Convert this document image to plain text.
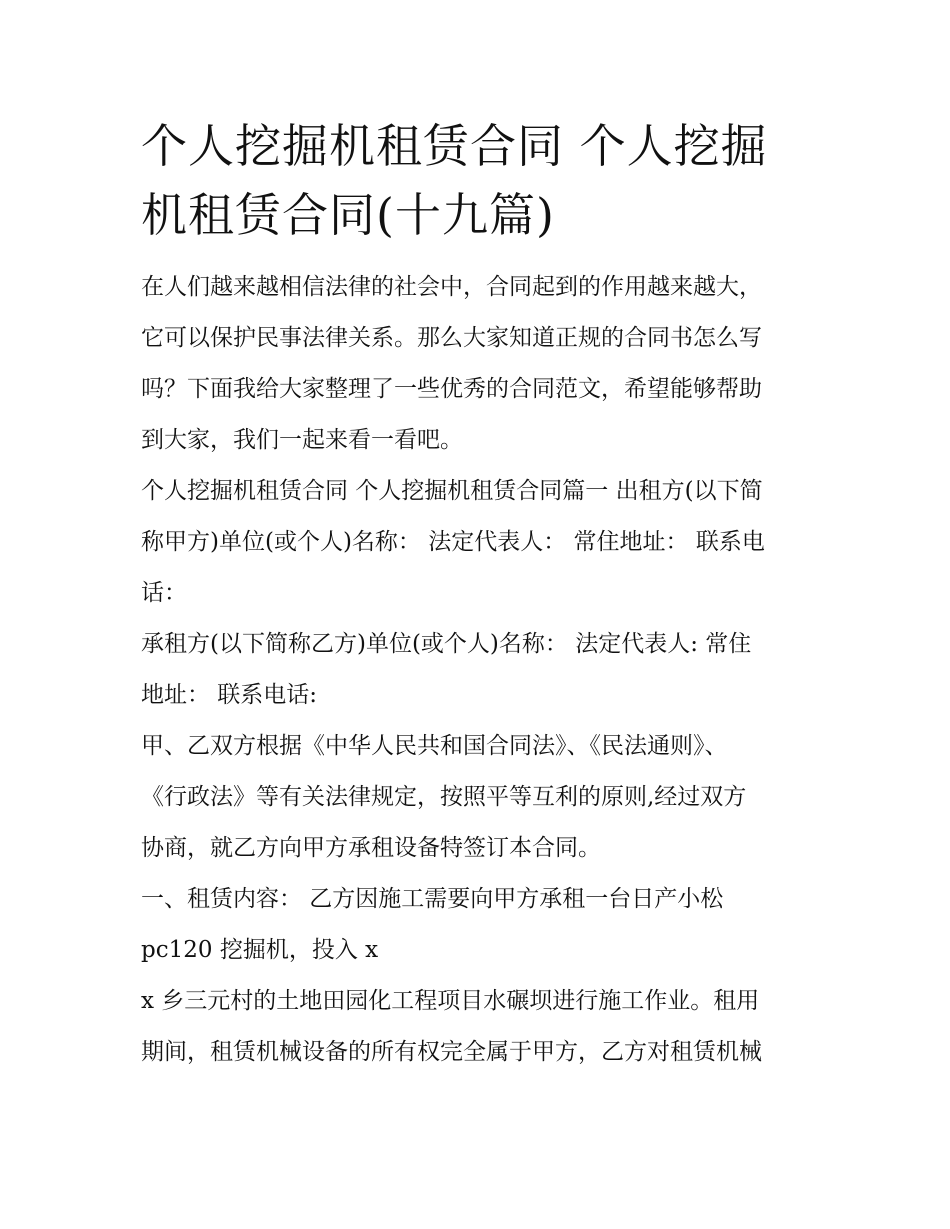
个人挖掘机租赁合同 个人挖掘
机租赁合同(十九篇)

在人们越来越相信法律的社会中，合同起到的作用越来越大，
它可以保护民事法律关系。那么大家知道正规的合同书怎么写
吗？下面我给大家整理了一些优秀的合同范文，希望能够帮助
到大家，我们一起来看一看吧。

个人挖掘机租赁合同 个人挖掘机租赁合同篇一 出租方(以下简
称甲方)单位(或个人)名称： 法定代表人： 常住地址： 联系电
话：

承租方(以下简称乙方)单位(或个人)名称： 法定代表人: 常住
地址： 联系电话:

甲、乙双方根据《中华人民共和国合同法》、《民法通则》、
《行政法》等有关法律规定，按照平等互利的原则,经过双方
协商，就乙方向甲方承租设备特签订本合同。

一、租赁内容： 乙方因施工需要向甲方承租一台日产小松
pc120 挖掘机，投入 x

x 乡三元村的土地田园化工程项目水碾坝进行施工作业。租用
期间，租赁机械设备的所有权完全属于甲方，乙方对租赁机械
